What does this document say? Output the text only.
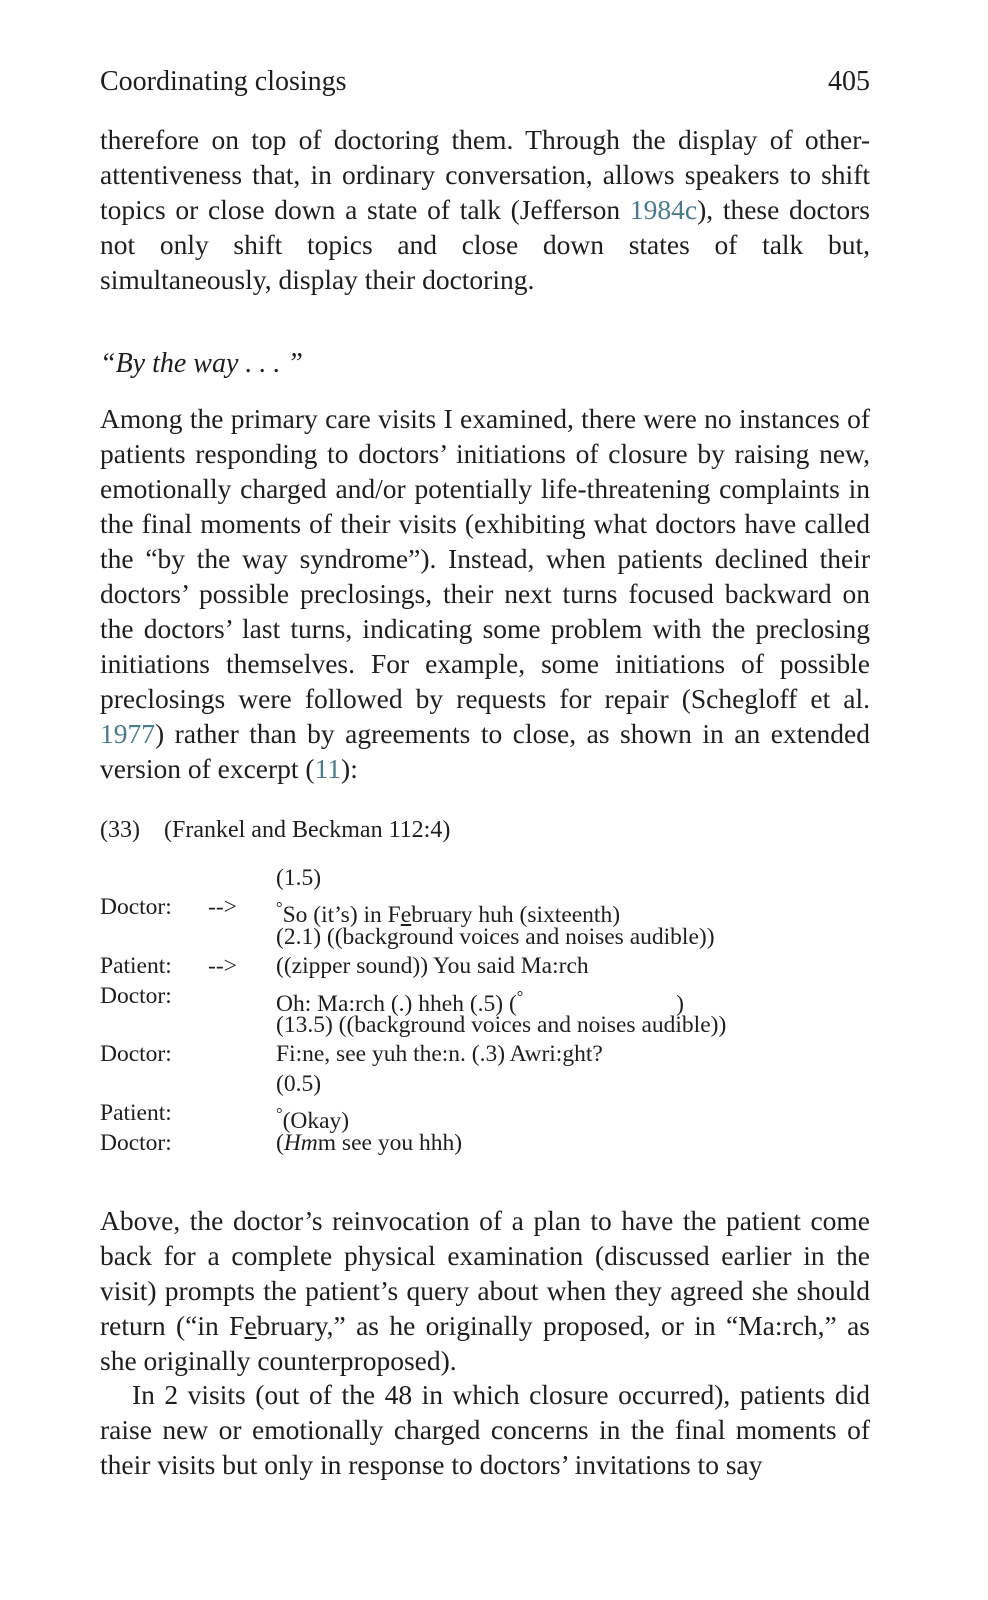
Coordinating closings	405

therefore on top of doctoring them. Through the display of other-attentiveness that, in ordinary conversation, allows speakers to shift topics or close down a state of talk (Jefferson 1984c), these doctors not only shift topics and close down states of talk but, simultaneously, display their doctoring.

“By the way . . . ”

Among the primary care visits I examined, there were no instances of patients responding to doctors’ initiations of closure by raising new, emotionally charged and/or potentially life-threatening complaints in the final moments of their visits (exhibiting what doctors have called the “by the way syndrome”). Instead, when patients declined their doctors’ possible preclosings, their next turns focused backward on the doctors’ last turns, indicating some problem with the preclosing initiations themselves. For example, some initiations of possible preclosings were followed by requests for repair (Schegloff et al. 1977) rather than by agreements to close, as shown in an extended version of excerpt (11):

(33) (Frankel and Beckman 112:4)
(1.5)
Doctor: --> °So (it’s) in February huh (sixteenth)
(2.1) ((background voices and noises audible))
Patient: --> ((zipper sound)) You said Ma:rch
Doctor:	Oh: Ma:rch (.) hheh (.5) (°                          )
(13.5) ((background voices and noises audible))
Doctor:	Fi:ne, see yuh the:n. (.3) Awri:ght?
(0.5)
Patient:	°(Okay)
Doctor:	(Hmm see you hhh)

Above, the doctor’s reinvocation of a plan to have the patient come back for a complete physical examination (discussed earlier in the visit) prompts the patient’s query about when they agreed she should return (“in February,” as he originally proposed, or in “Ma:rch,” as she originally counterproposed).

In 2 visits (out of the 48 in which closure occurred), patients did raise new or emotionally charged concerns in the final moments of their visits but only in response to doctors’ invitations to say
